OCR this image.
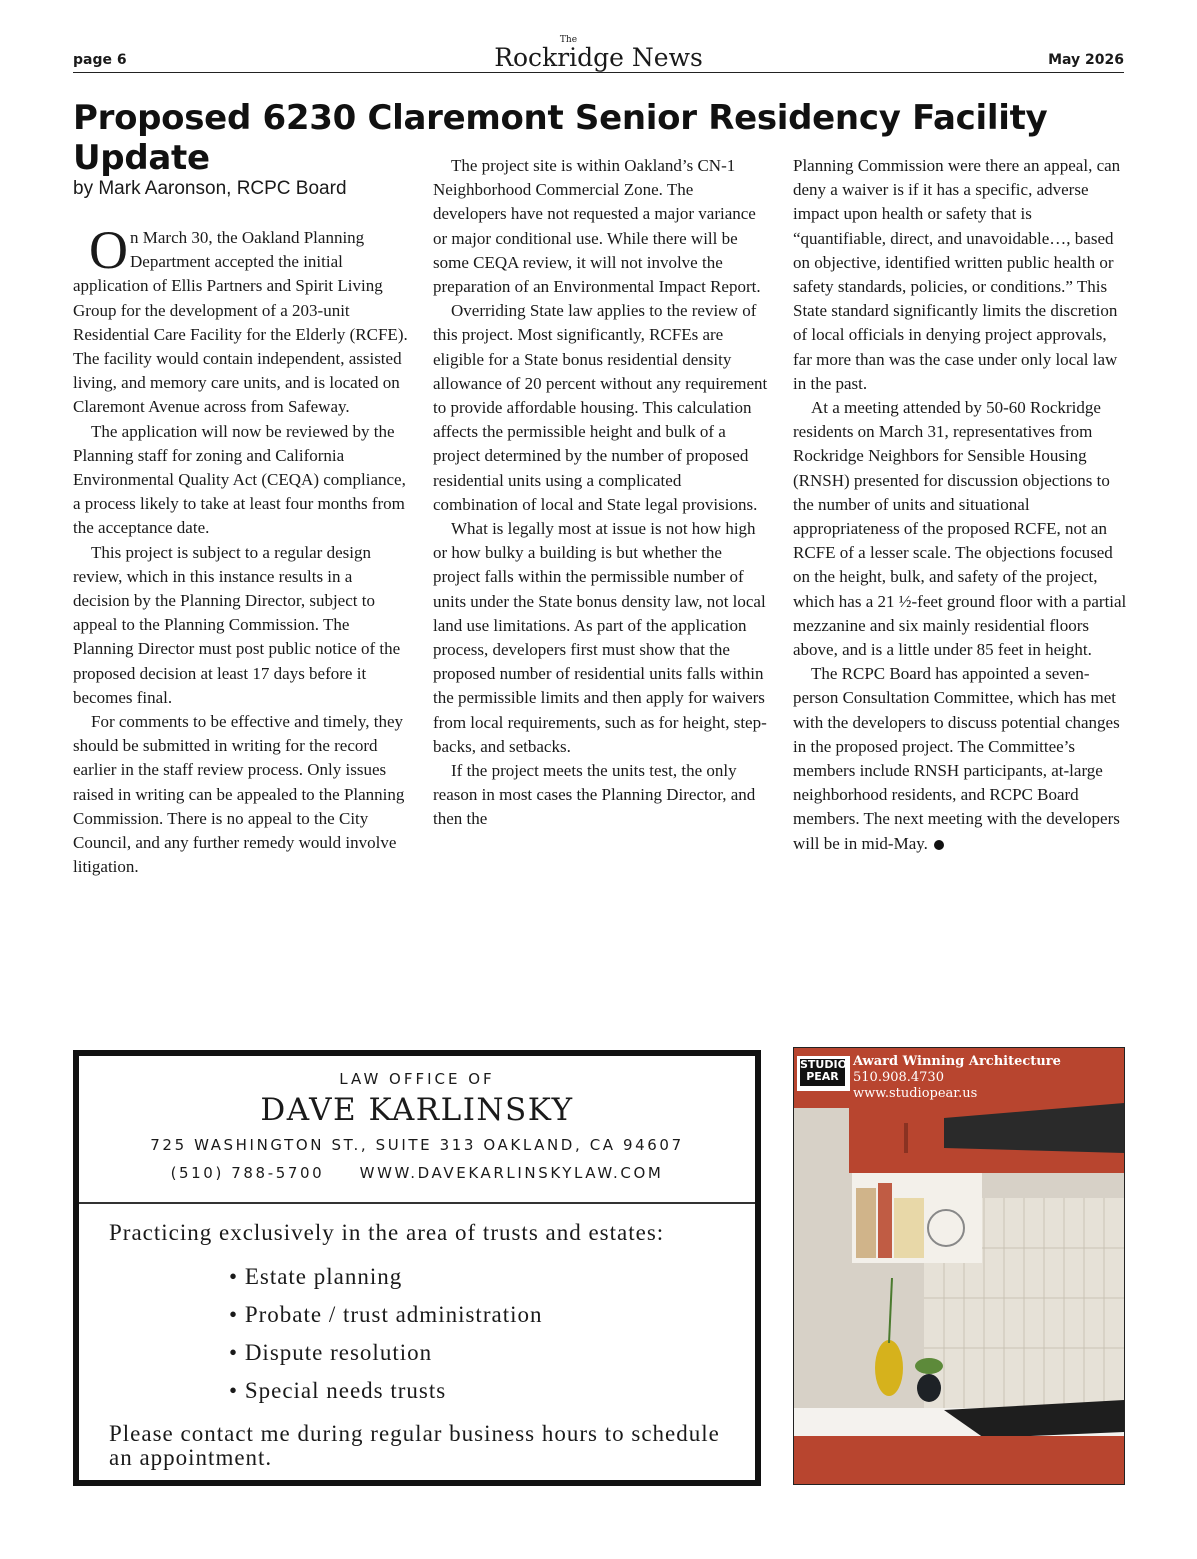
page 6
The
Rockridge News	May 2026
Proposed 6230 Claremont Senior Residency Facility Update
by Mark Aaronson, RCPC Board

On March 30, the Oakland Planning Department accepted the initial application of Ellis Partners and Spirit Living Group for the development of a 203-unit Residential Care Facility for the Elderly (RCFE). The facility would contain independent, assisted living, and memory care units, and is located on Claremont Avenue across from Safeway.

The application will now be reviewed by the Planning staff for zoning and California Environmental Quality Act (CEQA) compliance, a process likely to take at least four months from the acceptance date.

This project is subject to a regular design review, which in this instance results in a decision by the Planning Director, subject to appeal to the Planning Commission. The Planning Director must post public notice of the proposed decision at least 17 days before it becomes final.

For comments to be effective and timely, they should be submitted in writing for the record earlier in the staff review process. Only issues raised in writing can be appealed to the Planning Commission. There is no appeal to the City Council, and any further remedy would involve litigation.

The project site is within Oakland’s CN-1 Neighborhood Commercial Zone. The developers have not requested a major variance or major conditional use. While there will be some CEQA review, it will not involve the preparation of an Environmental Impact Report.

Overriding State law applies to the review of this project. Most significantly, RCFEs are eligible for a State bonus residential density allowance of 20 percent without any requirement to provide affordable housing. This calculation affects the permissible height and bulk of a project determined by the number of proposed residential units using a complicated combination of local and State legal provisions.

What is legally most at issue is not how high or how bulky a building is but whether the project falls within the permissible number of units under the State bonus density law, not local land use limitations. As part of the application process, developers first must show that the proposed number of residential units falls within the permissible limits and then apply for waivers from local requirements, such as for height, step-backs, and setbacks.

If the project meets the units test, the only reason in most cases the Planning Director, and then the

Planning Commission were there an appeal, can deny a waiver is if it has a specific, adverse impact upon health or safety that is “quantifiable, direct, and unavoidable…, based on objective, identified written public health or safety standards, policies, or conditions.” This State standard significantly limits the discretion of local officials in denying project approvals, far more than was the case under only local law in the past.

At a meeting attended by 50-60 Rockridge residents on March 31, representatives from Rockridge Neighbors for Sensible Housing (RNSH) presented for discussion objections to the number of units and situational appropriateness of the proposed RCFE, not an RCFE of a lesser scale. The objections focused on the height, bulk, and safety of the project, which has a 21 ½-feet ground floor with a partial mezzanine and six mainly residential floors above, and is a little under 85 feet in height.

The RCPC Board has appointed a seven-person Consultation Committee, which has met with the developers to discuss potential changes in the proposed project. The Committee’s members include RNSH participants, at-large neighborhood residents, and RCPC Board members. The next meeting with the developers will be in mid-May.

LAW OFFICE OF
DAVE KARLINSKY
725 WASHINGTON ST., SUITE 313 OAKLAND, CA 94607
(510) 788-5700 WWW.DAVEKARLINSKYLAW.COM
Practicing exclusively in the area of trusts and estates:
• Estate planning
• Probate / trust administration
• Dispute resolution
• Special needs trusts
Please contact me during regular business hours to schedule an appointment.
STUDIO
PEAR
Award Winning Architecture
510.908.4730
www.studiopear.us
